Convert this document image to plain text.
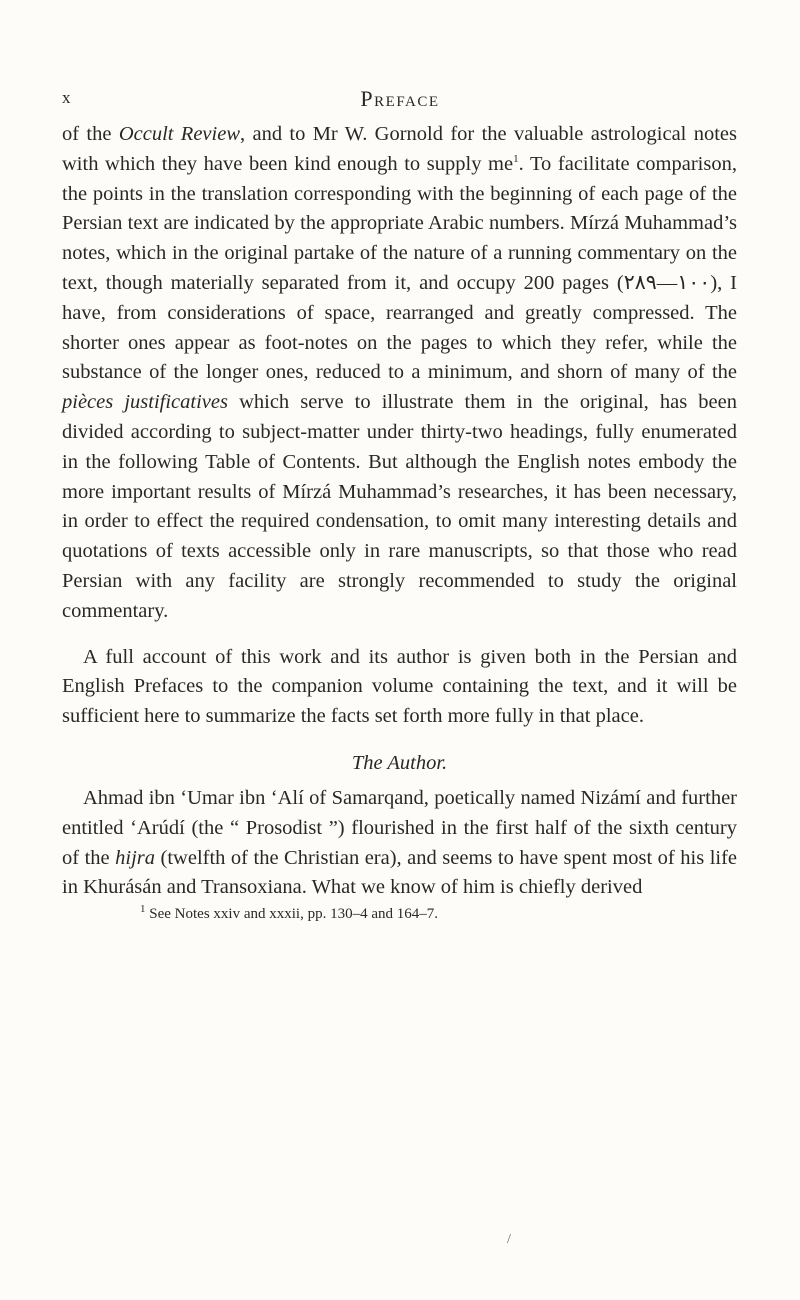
x	Preface

of the Occult Review, and to Mr W. Gornold for the valuable astrological notes with which they have been kind enough to supply $me^1$. To facilitate comparison, the points in the translation corresponding with the beginning of each page of the Persian text are indicated by the appropriate Arabic numbers. Mírzá Muhammad’s notes, which in the original partake of the nature of a running commentary on the text, though materially separated from it, and occupy 200 pages (١٠٠—٢٨٩), I have, from considerations of space, rearranged and greatly compressed. The shorter ones appear as foot-notes on the pages to which they refer, while the substance of the longer ones, reduced to a minimum, and shorn of many of the pièces justificatives which serve to illustrate them in the original, has been divided according to subject-matter under thirty-two headings, fully enumerated in the following Table of Contents. But although the English notes embody the more important results of Mírzá Muhammad’s researches, it has been necessary, in order to effect the required condensation, to omit many interesting details and quotations of texts accessible only in rare manuscripts, so that those who read Persian with any facility are strongly recommended to study the original commentary.

A full account of this work and its author is given both in the Persian and English Prefaces to the companion volume containing the text, and it will be sufficient here to summarize the facts set forth more fully in that place.

The Author.

Ahmad ibn ‘Umar ibn ‘Alí of Samarqand, poetically named Nizámí and further entitled ‘Arúdí (the “ Prosodist ”) flourished in the first half of the sixth century of the hijra (twelfth of the Christian era), and seems to have spent most of his life in Khurásán and Transoxiana. What we know of him is chiefly derived

$^1$ See Notes xxiv and xxxii, pp. 130–4 and 164–7.

/
